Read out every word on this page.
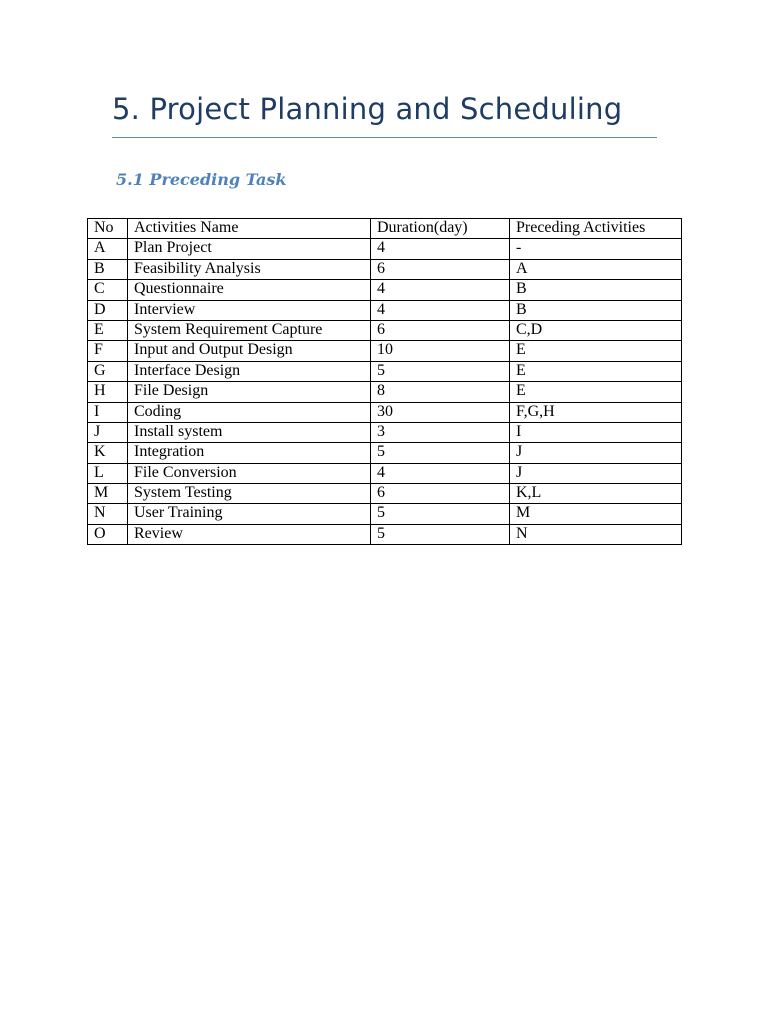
5. Project Planning and Scheduling
5.1 Preceding Task
No	Activities Name	Duration(day)	Preceding Activities
A	Plan Project	4	-
B	Feasibility Analysis	6	A
C	Questionnaire	4	B
D	Interview	4	B
E	System Requirement Capture	6	C,D
F	Input and Output Design	10	E
G	Interface Design	5	E
H	File Design	8	E
I	Coding	30	F,G,H
J	Install system	3	I
K	Integration	5	J
L	File Conversion	4	J
M	System Testing	6	K,L
N	User Training	5	M
O	Review	5	N
